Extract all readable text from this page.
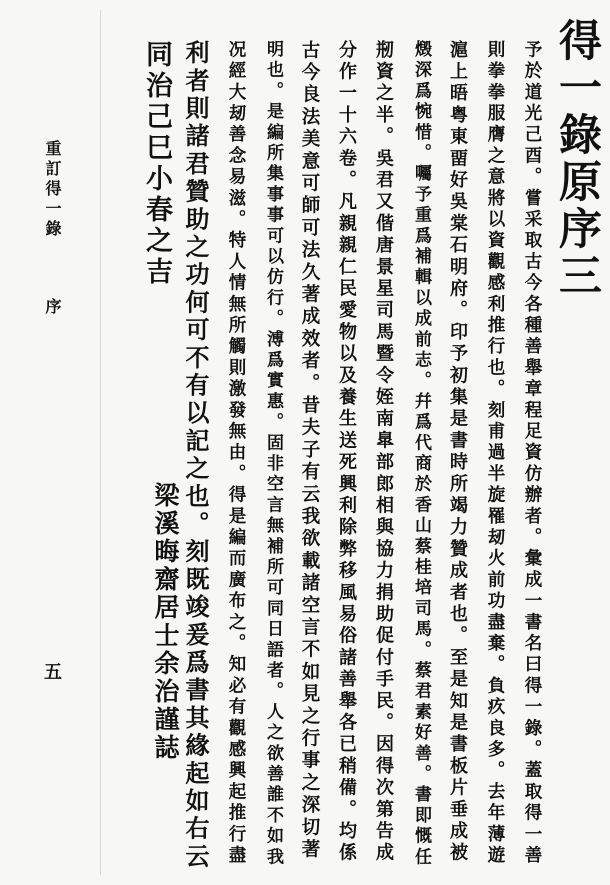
得一錄原序三
予於道光己酉。嘗采取古今各種善舉章程足資仿辦者。彙成一書名曰得一錄。蓋取得一善
則拳拳服膺之意將以資觀感利推行也。刻甫過半旋罹刼火前功盡棄。負疚良多。去年薄遊
滬上晤粤東畱好吳棠石明府。印予初集是書時所竭力贊成者也。至是知是書板片垂成被
燬深爲惋惜。囑予重爲補輯以成前志。幷爲代商於香山蔡桂培司馬。蔡君素好善。書即慨任
剏資之半。吳君又偕唐景星司馬暨令姪南臯部郎相與協力捐助促付手民。因得次第告成
分作一十六卷。凡親親仁民愛物以及養生送死興利除弊移風易俗諸善舉各已稍備。均係
古今良法美意可師可法久著成效者。昔夫子有云我欲載諸空言不如見之行事之深切著
明也。是編所集事事可以仿行。溥爲實惠。固非空言無補所可同日語者。人之欲善誰不如我
况經大刼善念易滋。特人情無所觸則激發無由。得是編而廣布之。知必有觀感興起推行盡
利者則諸君贊助之功何可不有以記之也。刻既竣爰爲書其緣起如右云
同治己巳小春之吉
梁溪晦齋居士余治謹誌
重訂得一錄
序
五
